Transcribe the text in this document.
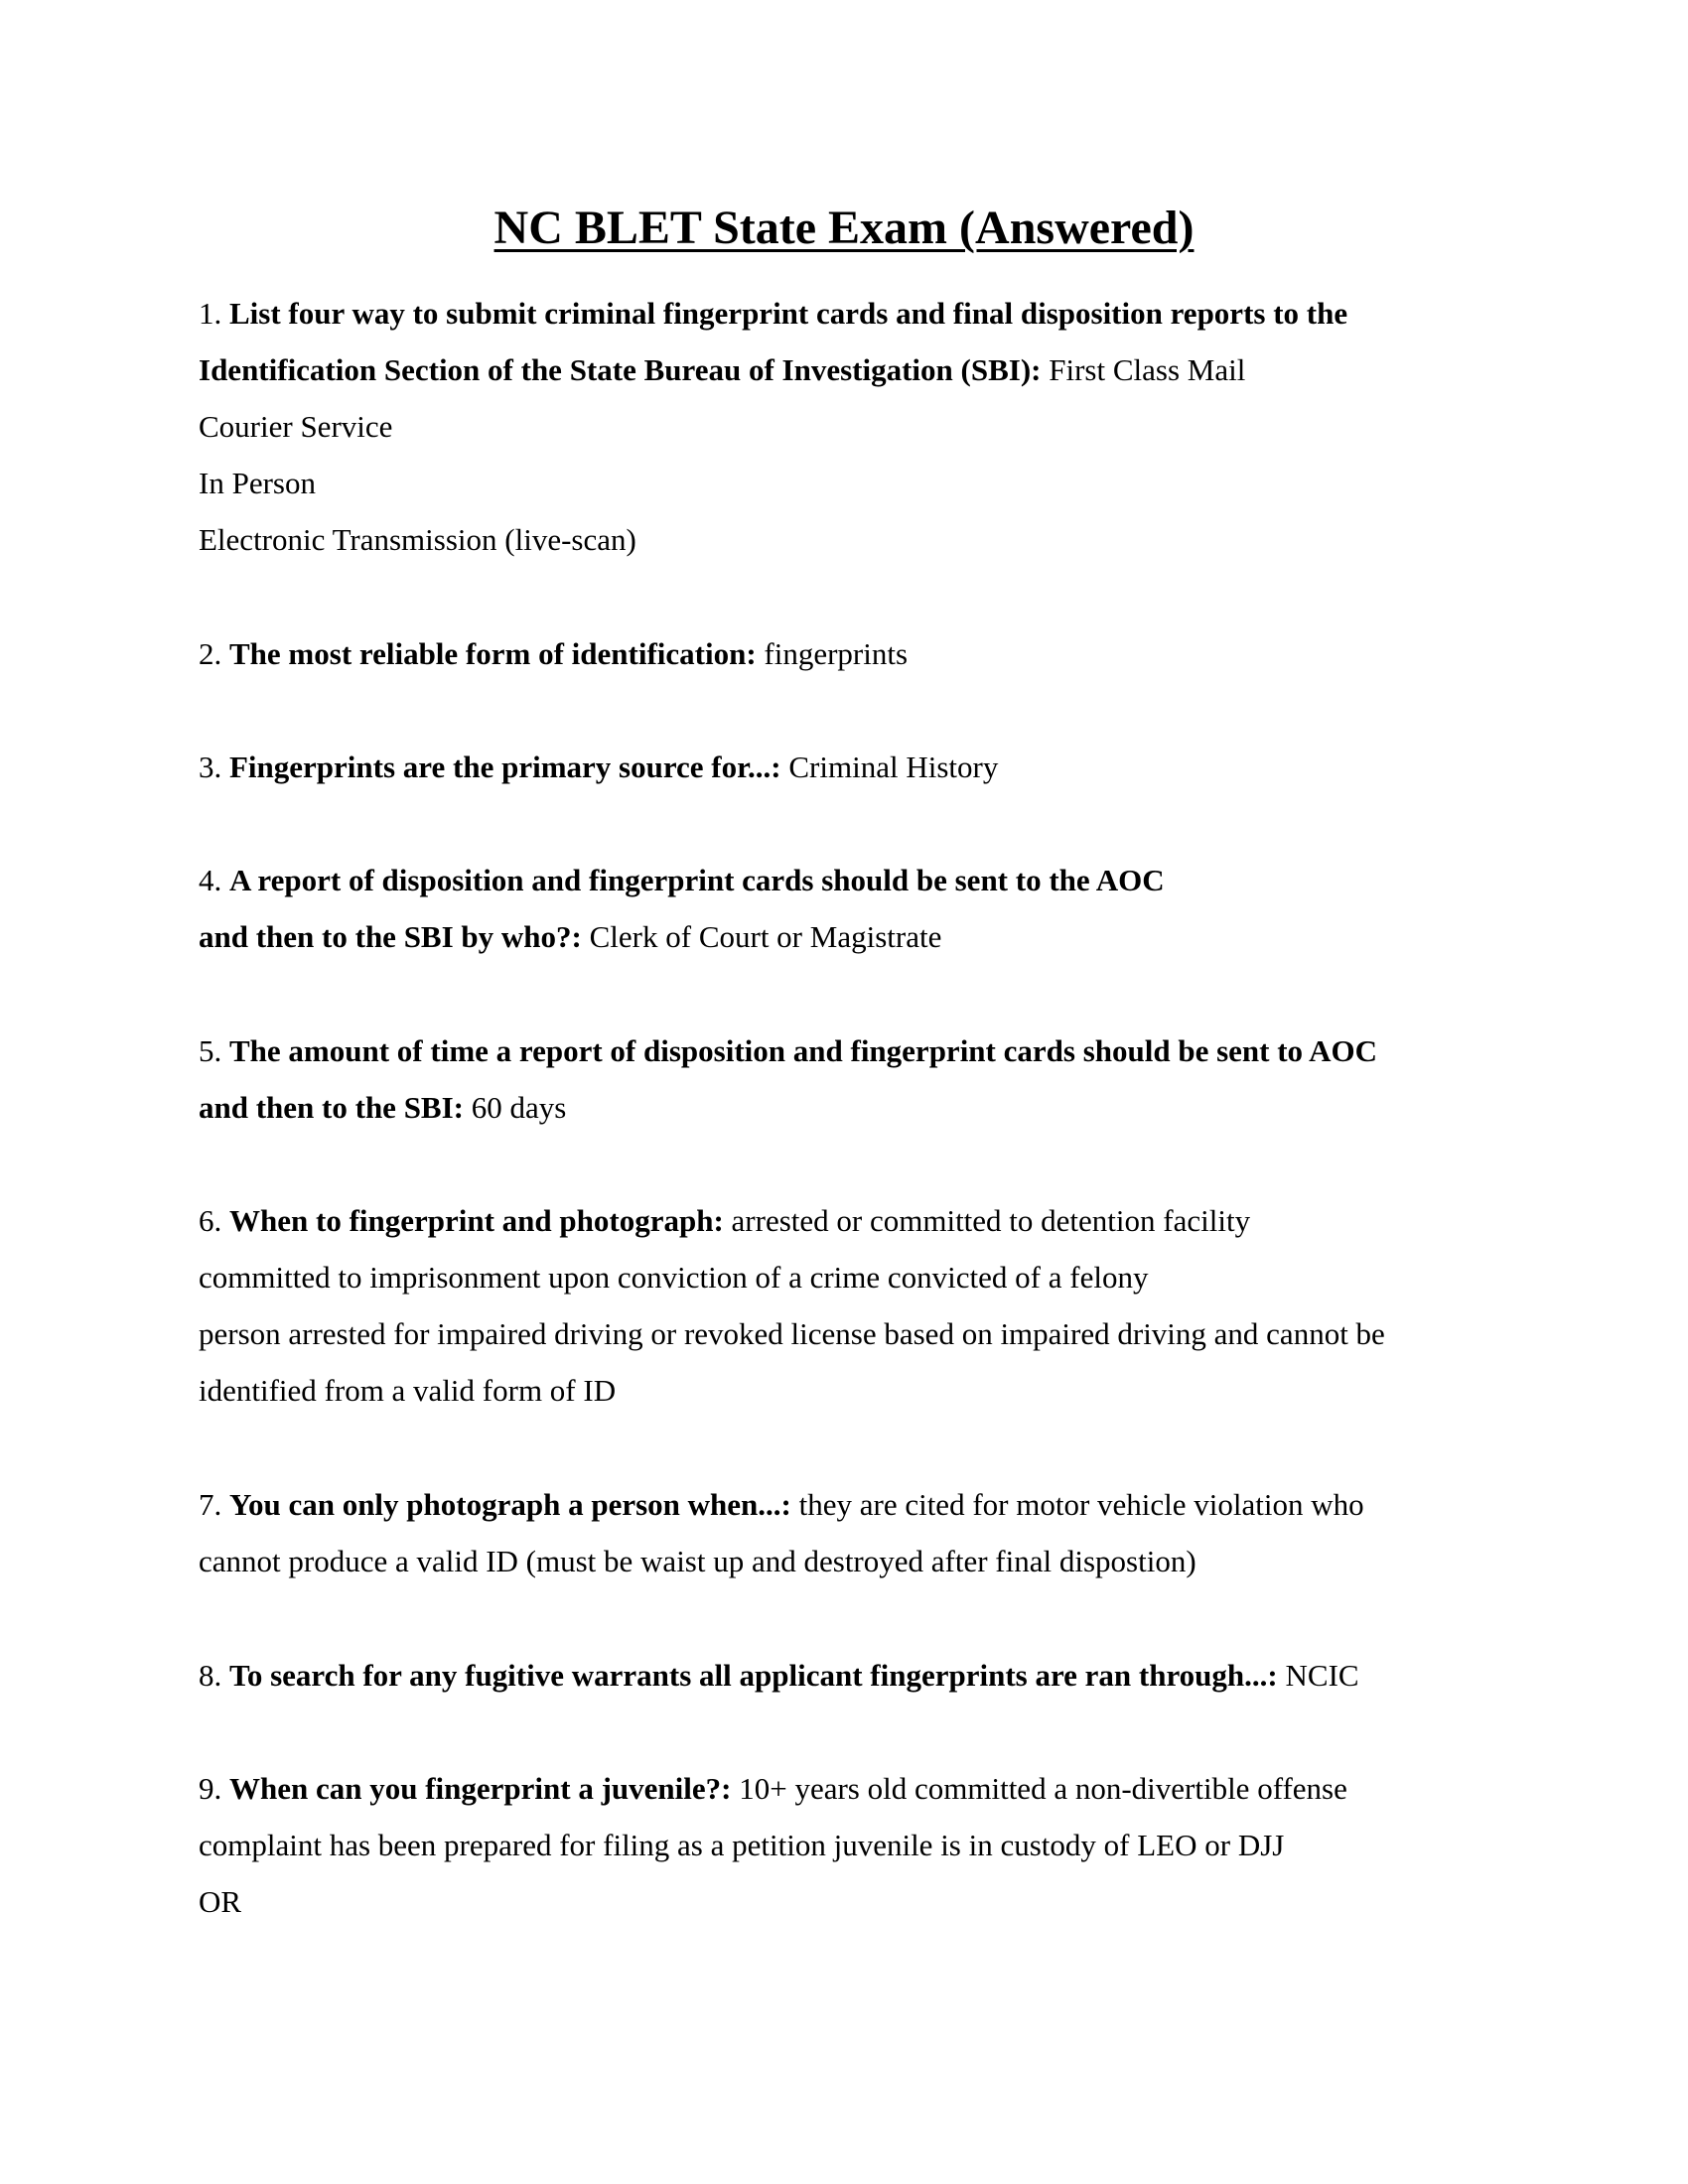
NC BLET State Exam (Answered)
1. List four way to submit criminal fingerprint cards and final disposition reports to the
Identification Section of the State Bureau of Investigation (SBI): First Class Mail
Courier Service
In Person
Electronic Transmission (live-scan)
2. The most reliable form of identification: fingerprints
3. Fingerprints are the primary source for...: Criminal History
4. A report of disposition and fingerprint cards should be sent to the AOC
and then to the SBI by who?: Clerk of Court or Magistrate
5. The amount of time a report of disposition and fingerprint cards should be sent to AOC
and then to the SBI: 60 days
6. When to fingerprint and photograph: arrested or committed to detention facility
committed to imprisonment upon conviction of a crime convicted of a felony
person arrested for impaired driving or revoked license based on impaired driving and cannot be
identified from a valid form of ID
7. You can only photograph a person when...: they are cited for motor vehicle violation who
cannot produce a valid ID (must be waist up and destroyed after final dispostion)
8. To search for any fugitive warrants all applicant fingerprints are ran through...: NCIC
9. When can you fingerprint a juvenile?: 10+ years old committed a non-divertible offense
complaint has been prepared for filing as a petition juvenile is in custody of LEO or DJJ
OR
